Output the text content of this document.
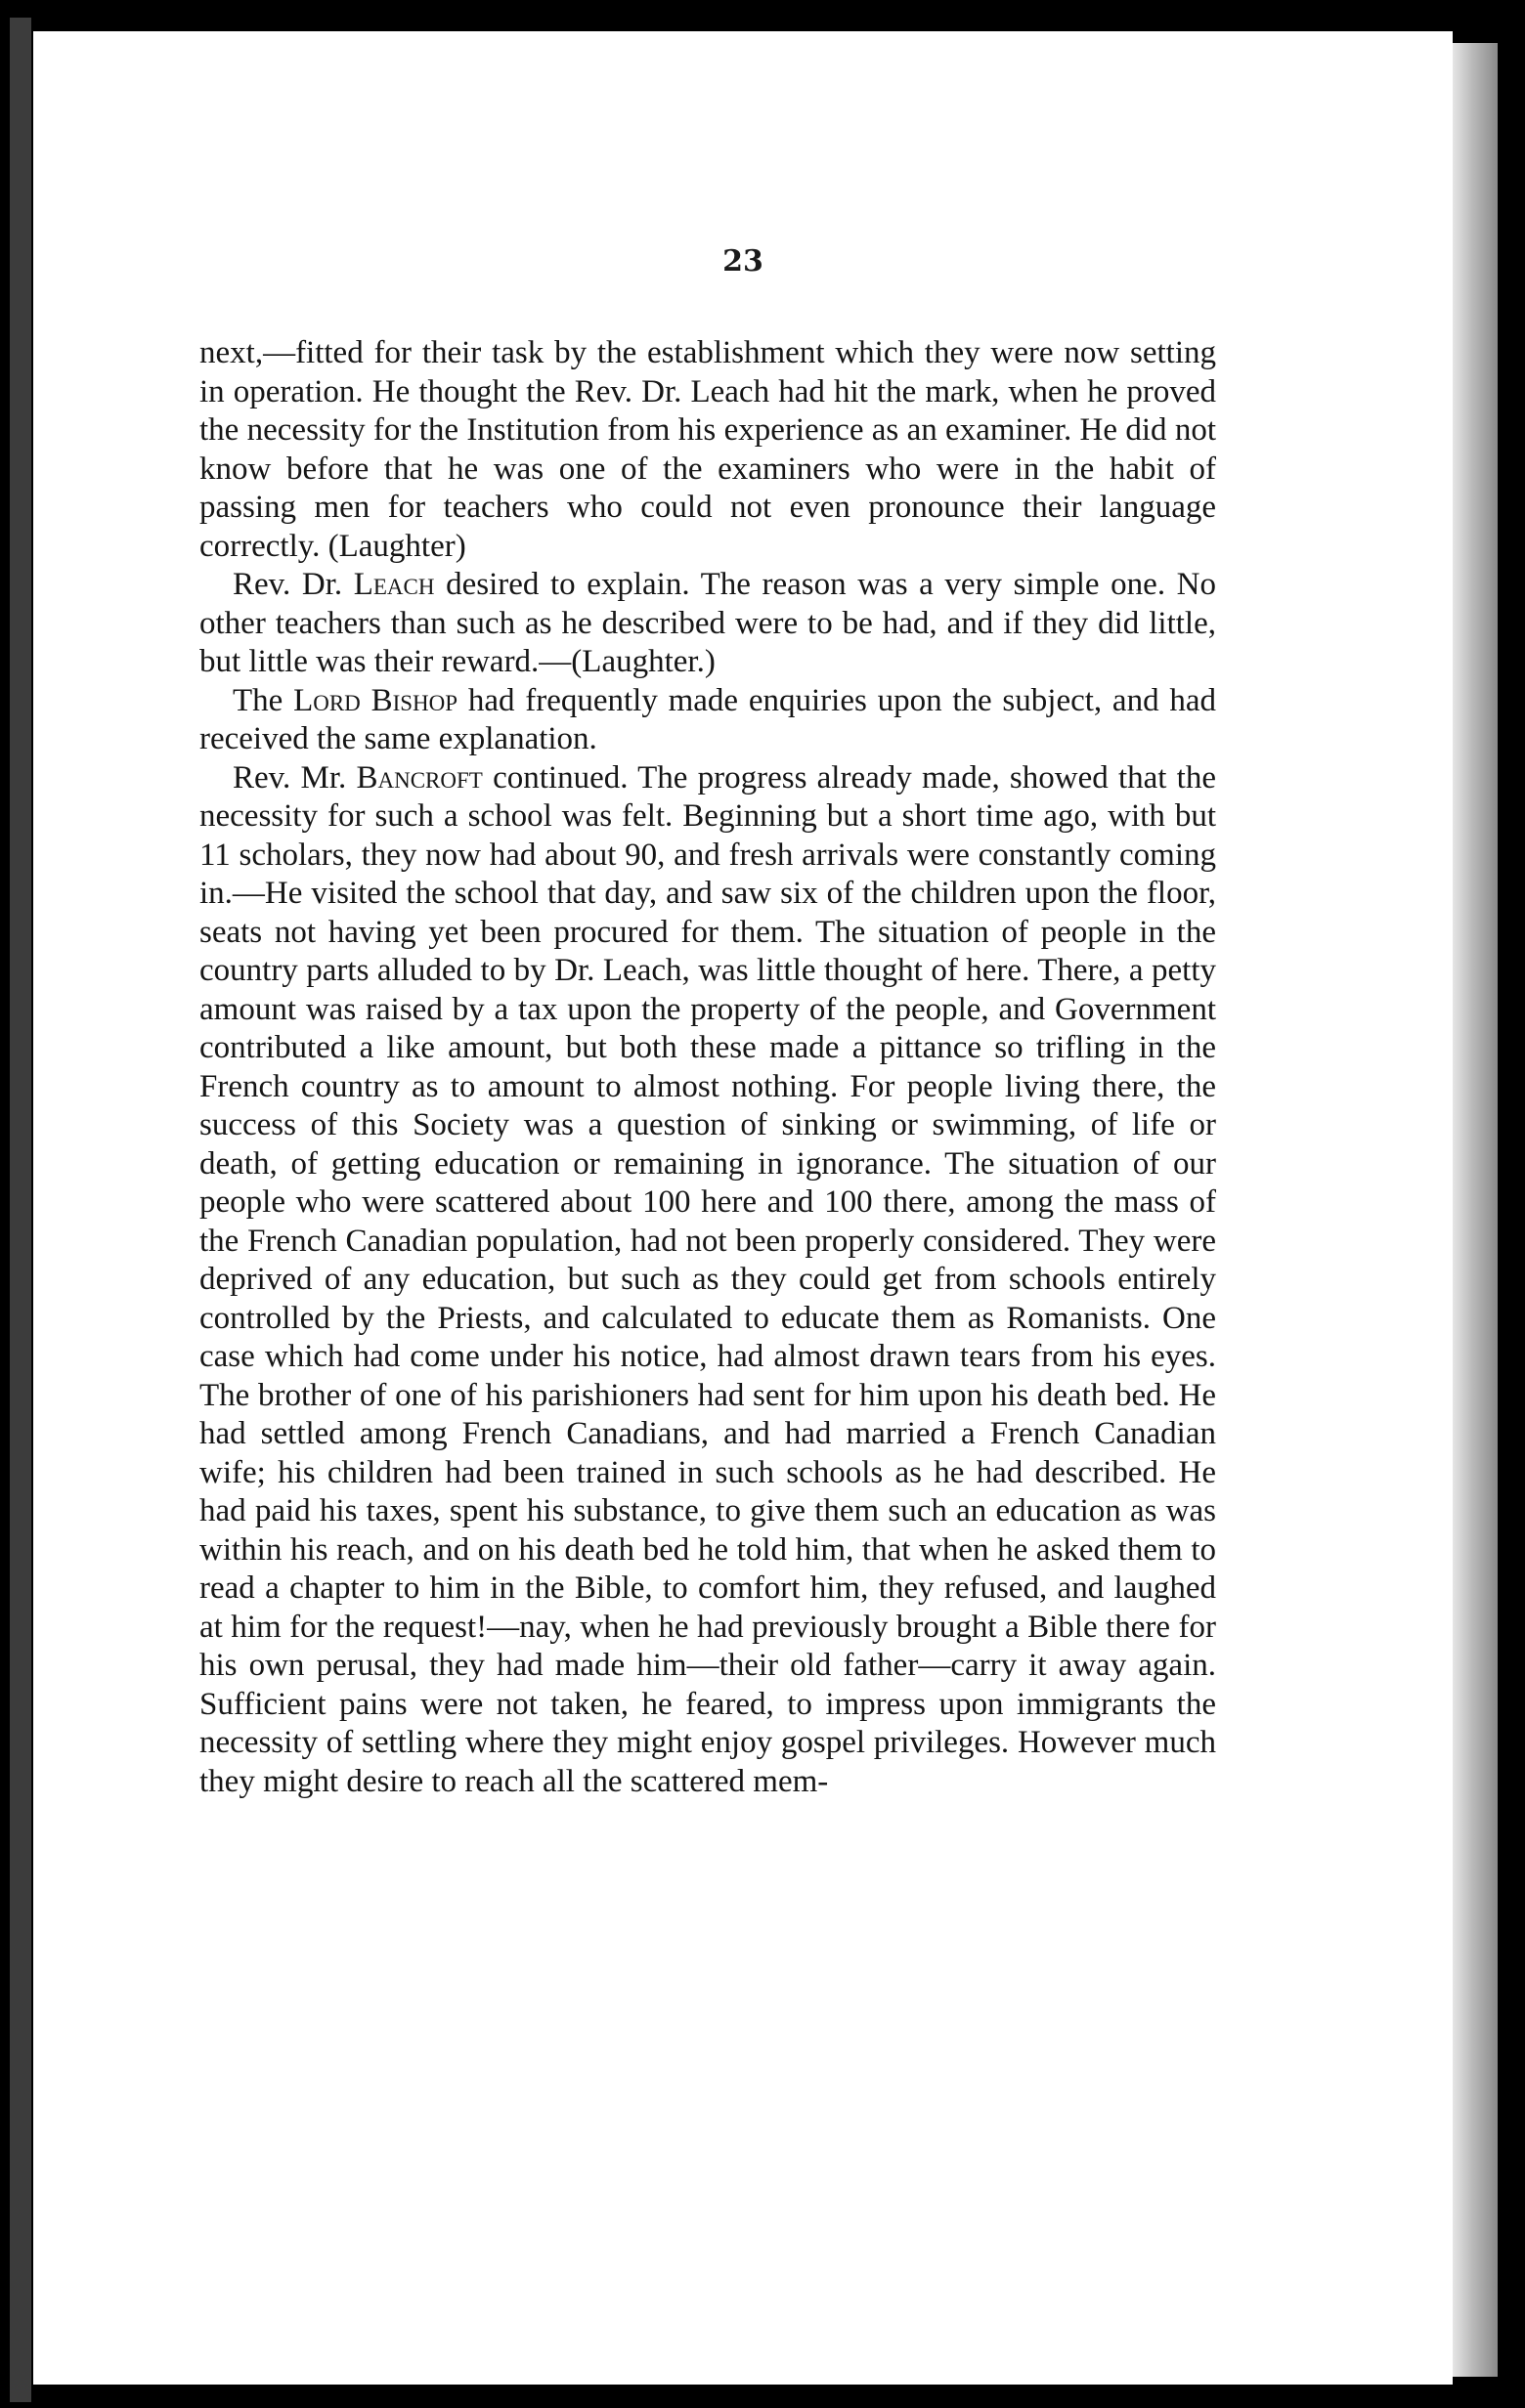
23

next,—fitted for their task by the establishment which they were now setting in operation. He thought the Rev. Dr. Leach had hit the mark, when he proved the necessity for the Institution from his experience as an examiner. He did not know before that he was one of the examiners who were in the habit of passing men for teachers who could not even pronounce their language correctly. (Laughter)

Rev. Dr. Leach desired to explain. The reason was a very simple one. No other teachers than such as he described were to be had, and if they did little, but little was their reward.—(Laughter.)

The Lord Bishop had frequently made enquiries upon the subject, and had received the same explanation.

Rev. Mr. Bancroft continued. The progress already made, showed that the necessity for such a school was felt. Beginning but a short time ago, with but 11 scholars, they now had about 90, and fresh arrivals were constantly coming in.—He visited the school that day, and saw six of the children upon the floor, seats not having yet been procured for them. The situation of people in the country parts alluded to by Dr. Leach, was little thought of here. There, a petty amount was raised by a tax upon the property of the people, and Government contributed a like amount, but both these made a pittance so trifling in the French country as to amount to almost nothing. For people living there, the success of this Society was a question of sinking or swimming, of life or death, of getting education or remaining in ignorance. The situation of our people who were scattered about 100 here and 100 there, among the mass of the French Canadian population, had not been properly considered. They were deprived of any education, but such as they could get from schools entirely controlled by the Priests, and calculated to educate them as Romanists. One case which had come under his notice, had almost drawn tears from his eyes. The brother of one of his parishioners had sent for him upon his death bed. He had settled among French Canadians, and had married a French Canadian wife; his children had been trained in such schools as he had described. He had paid his taxes, spent his substance, to give them such an education as was within his reach, and on his death bed he told him, that when he asked them to read a chapter to him in the Bible, to comfort him, they refused, and laughed at him for the request!—nay, when he had previously brought a Bible there for his own perusal, they had made him—their old father—carry it away again. Sufficient pains were not taken, he feared, to impress upon immigrants the necessity of settling where they might enjoy gospel privileges. However much they might desire to reach all the scattered mem-
